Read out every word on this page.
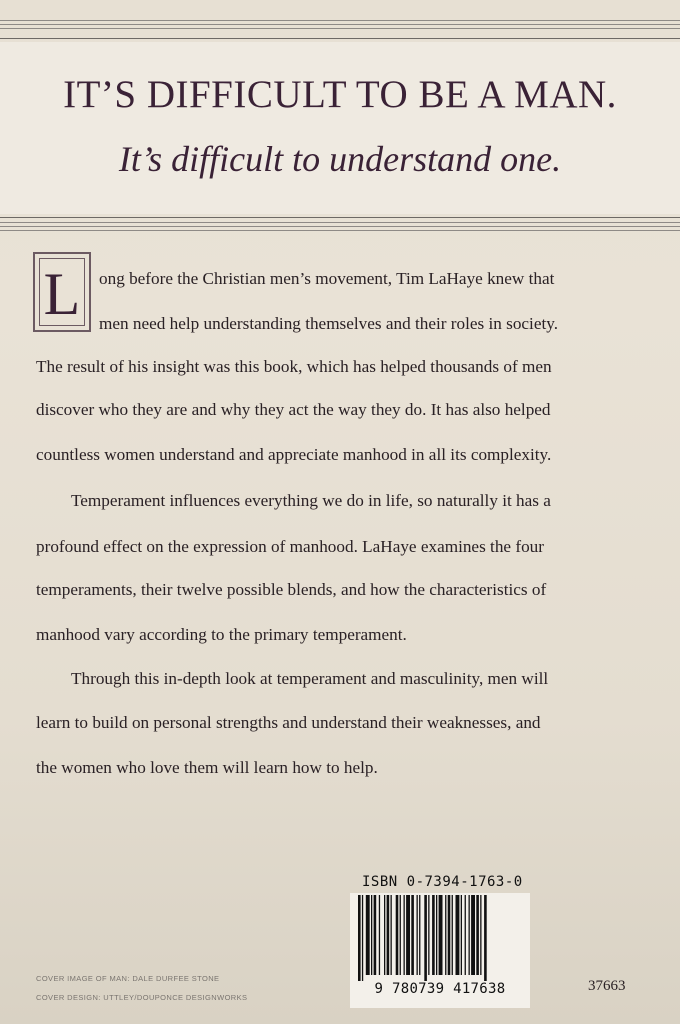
IT’S DIFFICULT TO BE A MAN.
It’s difficult to understand one.
L ong before the Christian men’s movement, Tim LaHaye knew that
men need help understanding themselves and their roles in society.
The result of his insight was this book, which has helped thousands of men
discover who they are and why they act the way they do. It has also helped
countless women understand and appreciate manhood in all its complexity.
Temperament influences everything we do in life, so naturally it has a
profound effect on the expression of manhood. LaHaye examines the four
temperaments, their twelve possible blends, and how the characteristics of
manhood vary according to the primary temperament.
Through this in-depth look at temperament and masculinity, men will
learn to build on personal strengths and understand their weaknesses, and
the women who love them will learn how to help.
COVER IMAGE OF MAN: DALE DURFEE STONE
COVER DESIGN: UTTLEY/DOUPONCE DESIGNWORKS
ISBN 0-7394-1763-0
9 780739 417638	37663
